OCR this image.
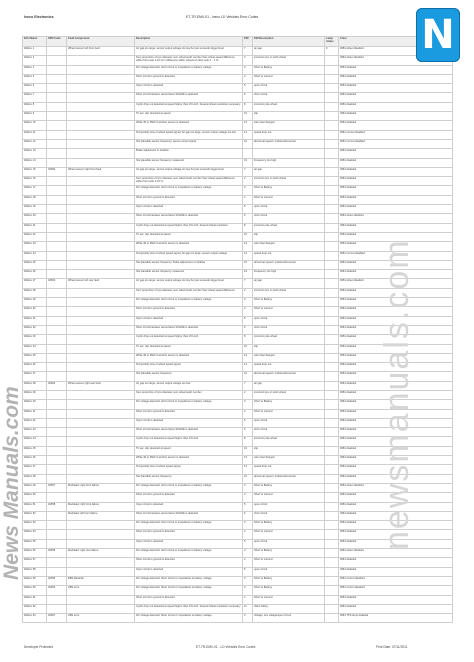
Iveco Electronics	ET-TR-EMV-01 - Iveco LD Vehicles Error Codes
ECU Name	SPN Code	Fault Component	Description	FMI	FMI Description	Lamp status	Color
Wabco 1		Wheel sensor left front fault	Air gap too large, sensor output voltage too low but just exceeds trigger level	7	air gap	0	0081 wheel disabled
Wabco 3			Sum proportion of tyre diameter sum wheel teeth number than wheel speed difference within front axle 1-10 % in difference within wheels of other axle 3 .. 1 %	2	incorrect tyre or tooth wheel		0081 wheel disabled
Wabco 4			DC voltage detected: short circuit or impedance to battery voltage	3	Short to Battery		0081 disabled
Wabco 5			Short circuit to ground is detected	4	Short to Ground		0081 disabled
Wabco 6			Open circuit is detected	5	open circuit		0081 disabled
Wabco 7			Short circuit between sensorwires SOHDE is detected	6	short circuit		0081 disabled
Wabco 8			Cyclic drop out detected at speed higher than 15 km/h. Several wheel revolution necessary	8	incorrect pole wheel		0081 disabled
Wabco 9			Tb sec. slip detected at speed	10	slip		0081 disabled
Wabco 10			While 30 to 35M of another sensor is detected	13	wire interchanged		0081 disabled
Wabco 11			Temporarily loss of wheel speed signal. Air gap too large, sensor output voltage too low	14	speed drop out		0081 current disabled
Wabco 12			Not plausible sensor frequency, sensor output signal	16	abnormal speed / undetected sensor		0081 current disabled
Wabco 13			Brake adjustment or shallow				0081 disabled
Wabco 14			Not plausible sensor frequency measured	19	Frequency too high		0081 disabled
Wabco 15	40660	Wheel sensor right front fault	Air gap too large, sensor output voltage too low but just exceeds trigger level	7	air gap		0081 disabled
Wabco 16			Sum proportion of tyre diameter sum wheel teeth number than wheel speed difference within front axle 1-10 %	2	incorrect tyre or tooth wheel		0081 disabled
Wabco 17			DC voltage detected: short circuit or impedance to battery voltage	3	Short to Battery		0081 disabled
Wabco 18			Short circuit to ground is detected	4	Short to Ground		0081 disabled
Wabco 19			Open circuit is detected	5	open circuit		0081 disabled
Wabco 20			Short circuit between sensorwires SOHDE is detected	6	short circuit		0081 wheel disabled
Wabco 21			Cyclic drop out detected at speed higher than 15 km/h. Several wheel revolution	8	incorrect pole wheel		0081 disabled
Wabco 22			Tb sec. slip detected at speed	10	slip		0081 disabled
Wabco 23			While 30 to 35M of another sensor is detected	13	wire interchanged		0081 disabled
Wabco 24			Temporarily loss of wheel speed signal. Air gap too large, sensor output voltage	14	speed drop out		0081 current disabled
Wabco 25			Not plausible sensor frequency, brake adjustment or shallow	16	abnormal speed / undetected sensor		0081 disabled
Wabco 26			Not plausible sensor frequency measured	19	Frequency too high		0081 disabled
Wabco 27	40663	Wheel sensor left rear fault	Air gap too large, sensor output voltage too low but just exceeds trigger level	7	air gap		0081 wheel disabled
Wabco 28			Sum proportion of tyre diameter sum wheel teeth number than wheel speed difference	2	incorrect tyre or tooth wheel		0081 disabled
Wabco 29			DC voltage detected: short circuit or impedance to battery voltage	3	Short to Battery		0081 disabled
Wabco 30			Short circuit to ground is detected	4	Short to Ground		0081 disabled
Wabco 31			Open circuit is detected	5	open circuit		0081 disabled
Wabco 32			Short circuit between sensorwires SOHDE is detected	6	short circuit		0081 disabled
Wabco 33			Cyclic drop out detected at speed higher than 15 km/h	8	incorrect pole wheel		0081 disabled
Wabco 34			Tb sec. slip detected at speed	10	slip		0081 disabled
Wabco 35			While 30 to 35M of another sensor is detected	13	wire interchanged		0081 disabled
Wabco 36			Temporarily loss of wheel speed signal	14	speed drop out		0081 disabled
Wabco 37			Not plausible sensor frequency	16	abnormal speed / undetected sensor		0081 disabled
Wabco 38	40664	Wheel sensor right rear fault	Air gap too large, sensor output voltage too low	7	air gap		0081 disabled
Wabco 39			Sum proportion of tyre diameter sum wheel teeth number	2	incorrect tyre or tooth wheel		0081 disabled
Wabco 40			DC voltage detected: short circuit or impedance to battery voltage	3	Short to Battery		0081 disabled
Wabco 41			Short circuit to ground is detected	4	Short to Ground		0081 disabled
Wabco 42			Open circuit is detected	5	open circuit		0081 disabled
Wabco 43			Short circuit between sensorwires SOHDE is detected	6	short circuit		0081 disabled
Wabco 44			Cyclic drop out detected at speed higher than 15 km/h	8	incorrect pole wheel		0081 disabled
Wabco 45			Tb sec. slip detected at speed	10	slip		0081 disabled
Wabco 46			While 30 to 35M of another sensor is detected	13	wire interchanged		0081 disabled
Wabco 47			Temporarily loss of wheel speed signal	14	speed drop out		0081 disabled
Wabco 48			Not plausible sensor frequency	16	abnormal speed / undetected sensor		0081 disabled
Wabco 49	40657	Modulator right front failure	DC voltage detected: short circuit or impedance to battery voltage	3	Short to Battery		0081 wheel disabled
Wabco 50			Short circuit to ground is detected	4	Short to Ground		0081 disabled
Wabco 51	40658	Modulator right front failure	Open circuit is detected	5	open circuit		0081 disabled
Wabco 52		Modulator left front failure	Short circuit between sensorwires SOHDE is detected	6	short circuit		0081 disabled
Wabco 53			DC voltage detected: short circuit or impedance to battery voltage	3	Short to Battery		0081 disabled
Wabco 54			Short circuit to ground is detected	4	Short to Ground		0081 disabled
Wabco 55			Open circuit is detected	5	open circuit		0081 disabled
Wabco 56	40656	Modulator right rear failure	DC voltage detected: short circuit or impedance to battery voltage	3	Short to Battery		0081 wheel disabled
Wabco 57			Short circuit to ground is detected	4	Short to Ground		0081 disabled
Wabco 58			Open circuit is detected	5	open circuit		0081 disabled
Wabco 59	40655	EBS Retarder	DC voltage detected: Short circuit or impedance to battery voltage	3	Short to Battery		0081 control disabled
Wabco 60	40654	ABS error	DC voltage detected: Short circuit or impedance to battery voltage	3	Short to Battery		0081 control disabled
Wabco 61			Short circuit to ground is detected	4	Short to Ground		0081 disabled
Wabco 62			Cyclic drop out detected at speed higher than 15 km/h. Several wheel revolution necessary	11	Valve Sticky		0081 disabled
Wabco 63	40667	ABS error	DC voltage detected: Short circuit or impedance to battery voltage	3	Voltage, low voltage/open circuit		0081 TPS lamp disabled
Developer Protected	ET-TR-EMV-01 - LD Vehicles Error Codes	Print Date: 07/11/2011
News Manuals.com	newsmanuals.com
N
